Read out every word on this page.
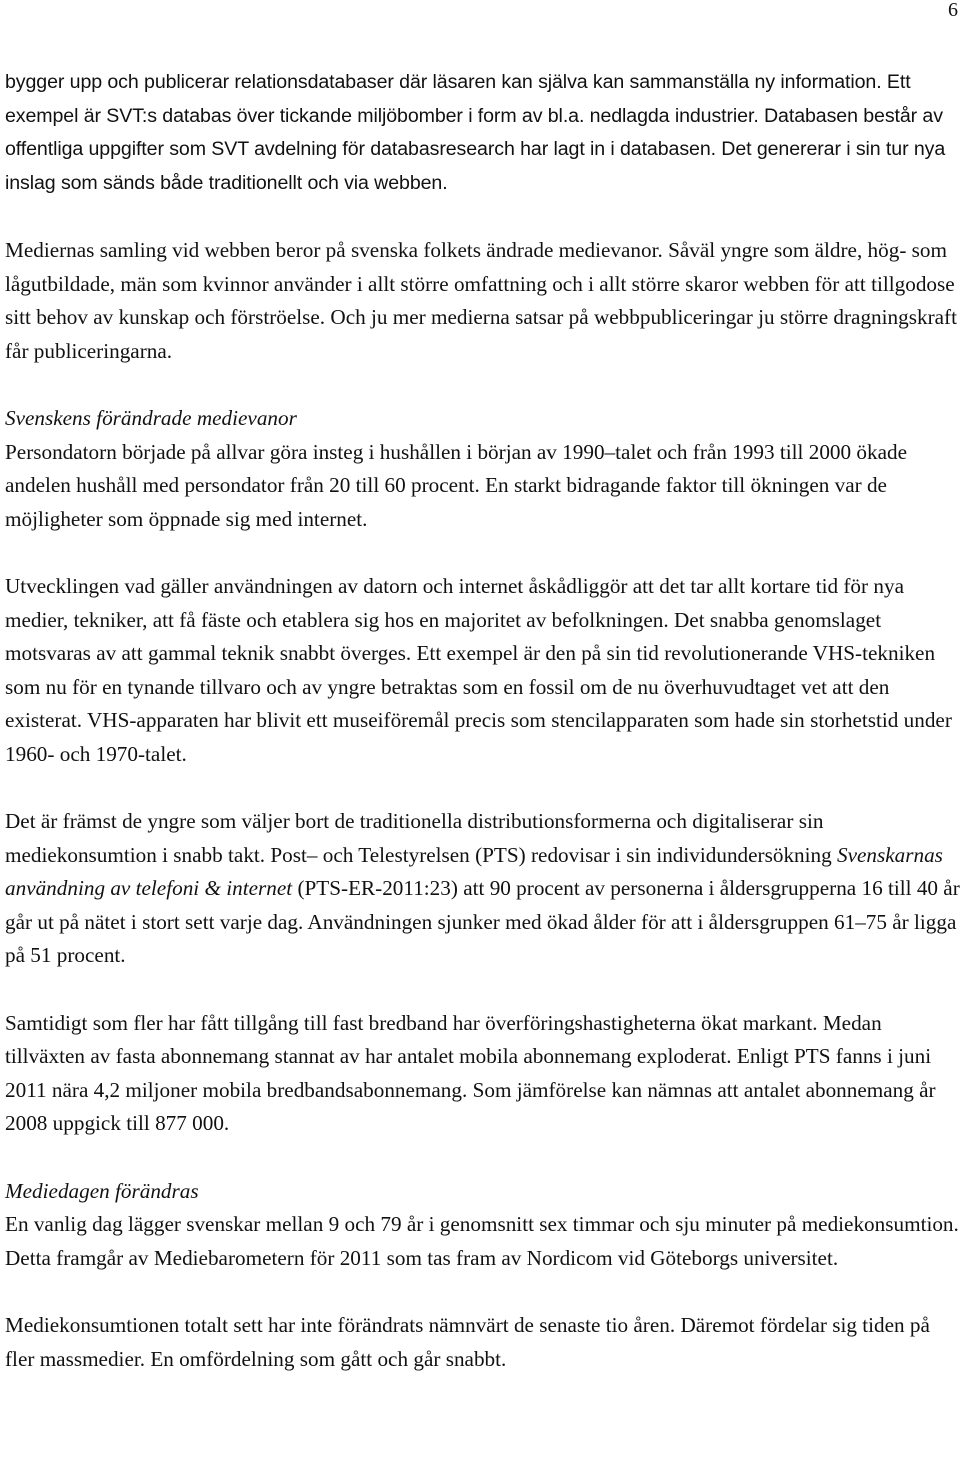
6

bygger upp och publicerar relationsdatabaser där läsaren kan själva kan sammanställa ny information. Ett exempel är SVT:s databas över tickande miljöbomber i form av bl.a. nedlagda industrier. Databasen består av offentliga uppgifter som SVT avdelning för databasresearch har lagt in i databasen. Det genererar i sin tur nya inslag som sänds både traditionellt och via webben.

Mediernas samling vid webben beror på svenska folkets ändrade medievanor. Såväl yngre som äldre, hög- som lågutbildade, män som kvinnor använder i allt större omfattning och i allt större skaror webben för att tillgodose sitt behov av kunskap och förströelse. Och ju mer medierna satsar på webbpubliceringar ju större dragningskraft får publiceringarna.

Svenskens förändrade medievanor
Persondatorn började på allvar göra insteg i hushållen i början av 1990–talet och från 1993 till 2000 ökade andelen hushåll med persondator från 20 till 60 procent. En starkt bidragande faktor till ökningen var de möjligheter som öppnade sig med internet.

Utvecklingen vad gäller användningen av datorn och internet åskådliggör att det tar allt kortare tid för nya medier, tekniker, att få fäste och etablera sig hos en majoritet av befolkningen. Det snabba genomslaget motsvaras av att gammal teknik snabbt överges. Ett exempel är den på sin tid revolutionerande VHS-tekniken som nu för en tynande tillvaro och av yngre betraktas som en fossil om de nu överhuvudtaget vet att den existerat. VHS-apparaten har blivit ett museiföremål precis som stencilapparaten som hade sin storhetstid under 1960- och 1970-talet.

Det är främst de yngre som väljer bort de traditionella distributionsformerna och digitaliserar sin mediekonsumtion i snabb takt. Post– och Telestyrelsen (PTS) redovisar i sin individundersökning Svenskarnas användning av telefoni & internet (PTS-ER-2011:23) att 90 procent av personerna i åldersgrupperna 16 till 40 år går ut på nätet i stort sett varje dag. Användningen sjunker med ökad ålder för att i åldersgruppen 61–75 år ligga på 51 procent.

Samtidigt som fler har fått tillgång till fast bredband har överföringshastigheterna ökat markant. Medan tillväxten av fasta abonnemang stannat av har antalet mobila abonnemang exploderat. Enligt PTS fanns i juni 2011 nära 4,2 miljoner mobila bredbandsabonnemang. Som jämförelse kan nämnas att antalet abonnemang år 2008 uppgick till 877 000.

Mediedagen förändras
En vanlig dag lägger svenskar mellan 9 och 79 år i genomsnitt sex timmar och sju minuter på mediekonsumtion. Detta framgår av Mediebarometern för 2011 som tas fram av Nordicom vid Göteborgs universitet.

Mediekonsumtionen totalt sett har inte förändrats nämnvärt de senaste tio åren. Däremot fördelar sig tiden på fler massmedier. En omfördelning som gått och går snabbt.
